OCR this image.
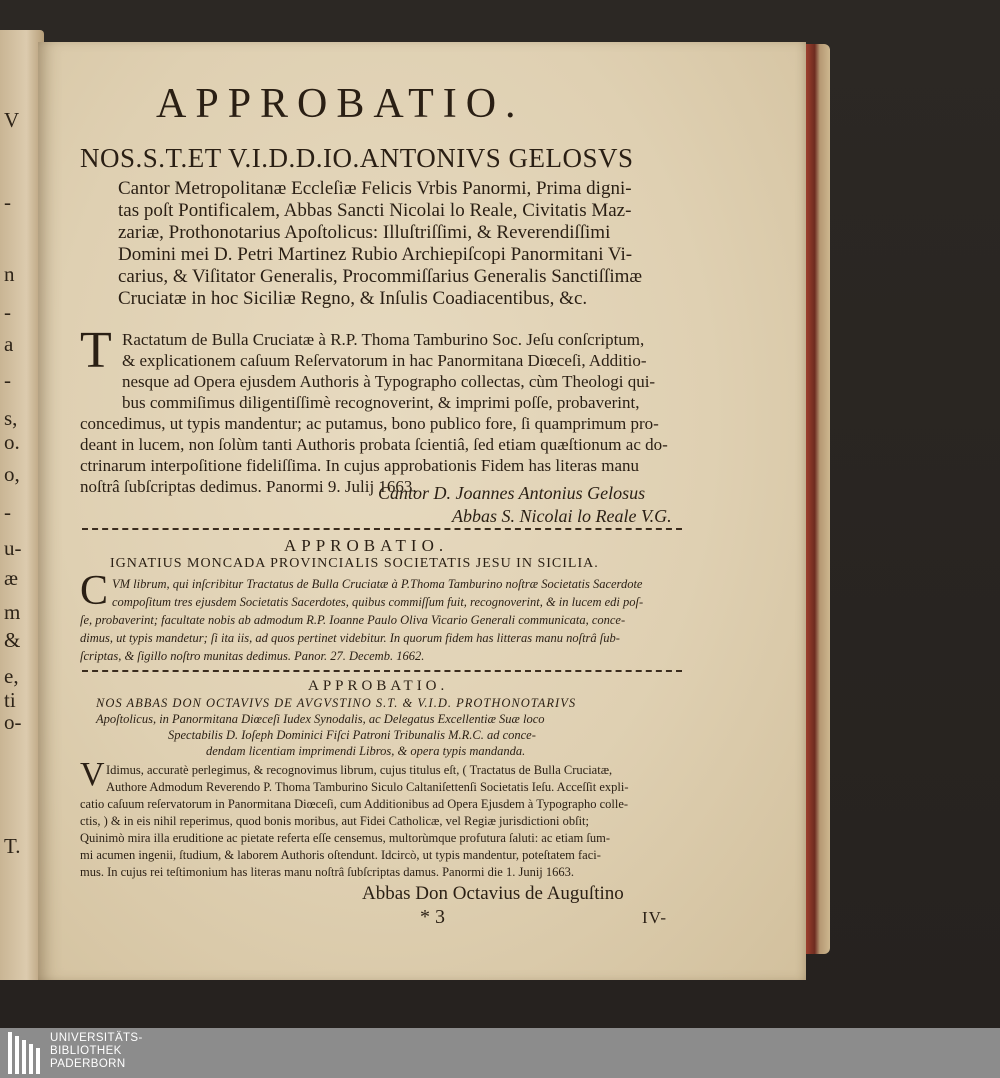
V
-
n
-
a
-
s,
o.
o,
-
u-
æ
m
&
e,
ti
o-
T.
APPROBATIO.
NOS.S.T.ET V.I.D.D.IO.ANTONIVS GELOSVS
Cantor Metropolitanæ Eccleſiæ Felicis Vrbis Panormi, Prima digni-
tas poſt Pontificalem, Abbas Sancti Nicolai lo Reale, Civitatis Maz-
zariæ, Prothonotarius Apoſtolicus: Illuſtriſſimi, & Reverendiſſimi
Domini mei D. Petri Martinez Rubio Archiepiſcopi Panormitani Vi-
carius, & Viſitator Generalis, Procommiſſarius Generalis Sanctiſſimæ
Cruciatæ in hoc Siciliæ Regno, & Inſulis Coadiacentibus, &c.
T Ractatum de Bulla Cruciatæ à R.P. Thoma Tamburino Soc. Jeſu conſcriptum,
& explicationem caſuum Reſervatorum in hac Panormitana Diœceſi, Additio-
nesque ad Opera ejusdem Authoris à Typographo collectas, cùm Theologi qui-
bus commiſimus diligentiſſimè recognoverint, & imprimi poſſe, probaverint,
concedimus, ut typis mandentur; ac putamus, bono publico fore, ſi quamprimum pro-
deant in lucem, non ſolùm tanti Authoris probata ſcientiâ, ſed etiam quæſtionum ac do-
ctrinarum interpoſitione fideliſſima. In cujus approbationis Fidem has literas manu
noſtrâ ſubſcriptas dedimus. Panormi 9. Julij 1663.
Cantor D. Joannes Antonius Gelosus
Abbas S. Nicolai lo Reale V.G.
APPROBATIO.
IGNATIUS MONCADA PROVINCIALIS SOCIETATIS JESU IN SICILIA.
C VM librum, qui inſcribitur Tractatus de Bulla Cruciatæ à P.Thoma Tamburino noſtræ Societatis Sacerdote
compoſitum tres ejusdem Societatis Sacerdotes, quibus commiſſum fuit, recognoverint, & in lucem edi poſ-
ſe, probaverint; facultate nobis ab admodum R.P. Ioanne Paulo Oliva Vicario Generali communicata, conce-
dimus, ut typis mandetur; ſi ita iis, ad quos pertinet videbitur. In quorum fidem has litteras manu noſtrâ ſub-
ſcriptas, & ſigillo noſtro munitas dedimus. Panor. 27. Decemb. 1662.
APPROBATIO.
NOS ABBAS DON OCTAVIVS DE AVGVSTINO S.T. & V.I.D. PROTHONOTARIVS
Apoſtolicus, in Panormitana Diœceſi Iudex Synodalis, ac Delegatus Excellentiæ Suæ loco
Spectabilis D. Ioſeph Dominici Fiſci Patroni Tribunalis M.R.C. ad conce-
dendam licentiam imprimendi Libros, & opera typis mandanda.
V Idimus, accuratè perlegimus, & recognovimus librum, cujus titulus eſt, ( Tractatus de Bulla Cruciatæ,
Authore Admodum Reverendo P. Thoma Tamburino Siculo Caltaniſettenſi Societatis Ieſu. Acceſſit expli-
catio caſuum reſervatorum in Panormitana Diœceſi, cum Additionibus ad Opera Ejusdem à Typographo colle-
ctis, ) & in eis nihil reperimus, quod bonis moribus, aut Fidei Catholicæ, vel Regiæ jurisdictioni obſit;
Quinimò mira illa eruditione ac pietate referta eſſe censemus, multorùmque profutura ſaluti: ac etiam ſum-
mi acumen ingenii, ſtudium, & laborem Authoris oſtendunt. Idcircò, ut typis mandentur, poteſtatem faci-
mus. In cujus rei teſtimonium has literas manu noſtrâ ſubſcriptas damus. Panormi die 1. Junij 1663.
Abbas Don Octavius de Auguſtino
* 3	IV-
UNIVERSITÄTS-
BIBLIOTHEK
PADERBORN
